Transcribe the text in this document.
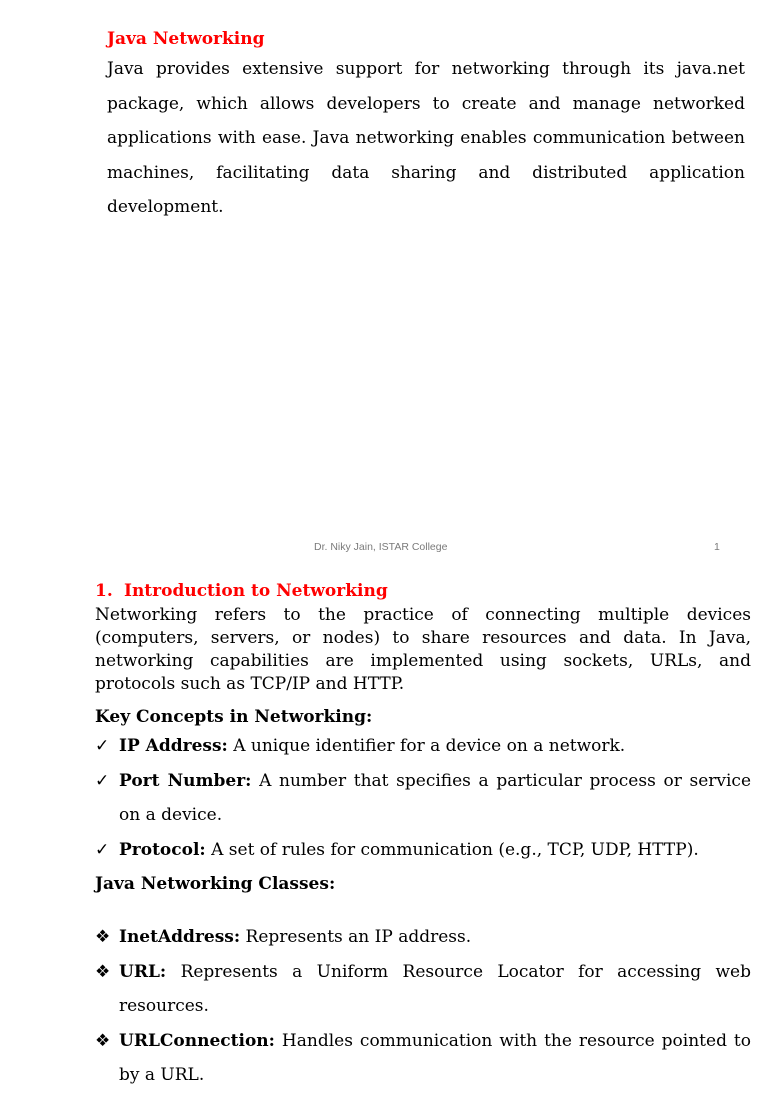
Java Networking

Java provides extensive support for networking through its java.net package, which allows developers to create and manage networked applications with ease. Java networking enables communication between machines, facilitating data sharing and distributed application development.

Dr. Niky Jain, ISTAR College	1

1. Introduction to Networking

Networking refers to the practice of connecting multiple devices (computers, servers, or nodes) to share resources and data. In Java, networking capabilities are implemented using sockets, URLs, and protocols such as TCP/IP and HTTP.

Key Concepts in Networking:

✓ IP Address: A unique identifier for a device on a network.
✓ Port Number: A number that specifies a particular process or service on a device.
✓ Protocol: A set of rules for communication (e.g., TCP, UDP, HTTP).

Java Networking Classes:

❖ InetAddress: Represents an IP address.
❖ URL: Represents a Uniform Resource Locator for accessing web resources.
❖ URLConnection: Handles communication with the resource pointed to by a URL.
